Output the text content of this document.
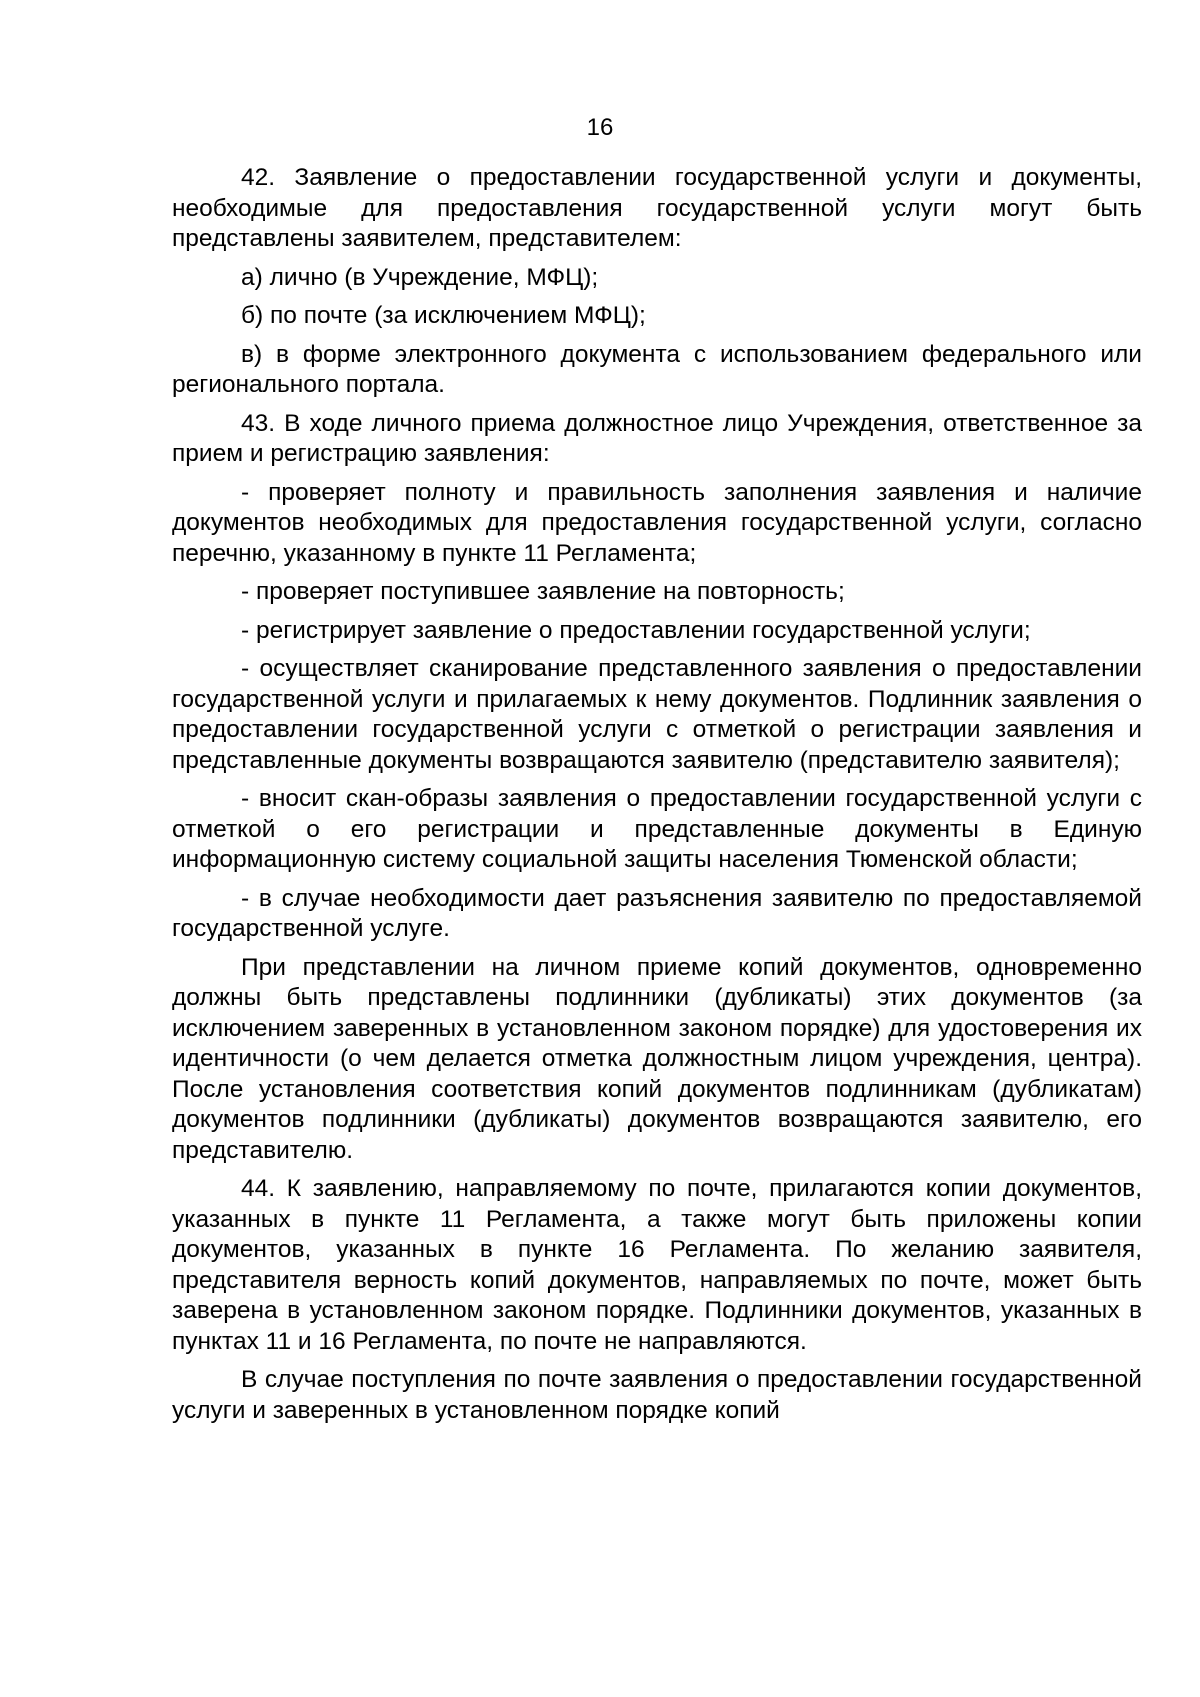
16

42. Заявление о предоставлении государственной услуги и документы, необходимые для предоставления государственной услуги могут быть представлены заявителем, представителем:

а) лично (в Учреждение, МФЦ);

б) по почте (за исключением МФЦ);

в) в форме электронного документа с использованием федерального или регионального портала.

43. В ходе личного приема должностное лицо Учреждения, ответственное за прием и регистрацию заявления:

- проверяет полноту и правильность заполнения заявления и наличие документов необходимых для предоставления государственной услуги, согласно перечню, указанному в пункте 11 Регламента;

- проверяет поступившее заявление на повторность;

- регистрирует заявление о предоставлении государственной услуги;

- осуществляет сканирование представленного заявления о предоставлении государственной услуги и прилагаемых к нему документов. Подлинник заявления о предоставлении государственной услуги с отметкой о регистрации заявления и представленные документы возвращаются заявителю (представителю заявителя);

- вносит скан-образы заявления о предоставлении государственной услуги с отметкой о его регистрации и представленные документы в Единую информационную систему социальной защиты населения Тюменской области;

- в случае необходимости дает разъяснения заявителю по предоставляемой государственной услуге.

При представлении на личном приеме копий документов, одновременно должны быть представлены подлинники (дубликаты) этих документов (за исключением заверенных в установленном законом порядке) для удостоверения их идентичности (о чем делается отметка должностным лицом учреждения, центра). После установления соответствия копий документов подлинникам (дубликатам) документов подлинники (дубликаты) документов возвращаются заявителю, его представителю.

44. К заявлению, направляемому по почте, прилагаются копии документов, указанных в пункте 11 Регламента, а также могут быть приложены копии документов, указанных в пункте 16 Регламента. По желанию заявителя, представителя верность копий документов, направляемых по почте, может быть заверена в установленном законом порядке. Подлинники документов, указанных в пунктах 11 и 16 Регламента, по почте не направляются.

В случае поступления по почте заявления о предоставлении государственной услуги и заверенных в установленном порядке копий
